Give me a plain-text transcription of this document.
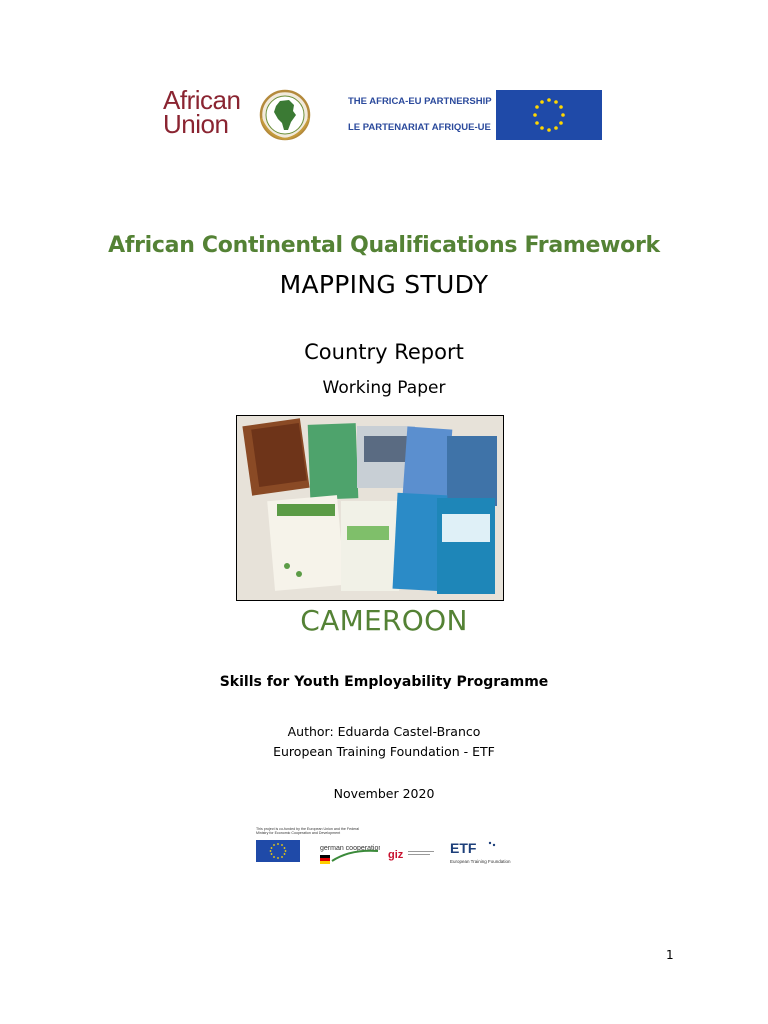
African
Union
THE AFRICA-EU PARTNERSHIP
LE PARTENARIAT AFRIQUE-UE
African Continental Qualifications Framework
MAPPING STUDY
Country Report
Working Paper
CAMEROON
Skills for Youth Employability Programme
Author: Eduarda Castel-Branco
European Training Foundation - ETF
November 2020
This project is co-funded by the European Union and the Federal Ministry for Economic Cooperation and Development
german cooperation
giz	ETF
European Training Foundation
1
